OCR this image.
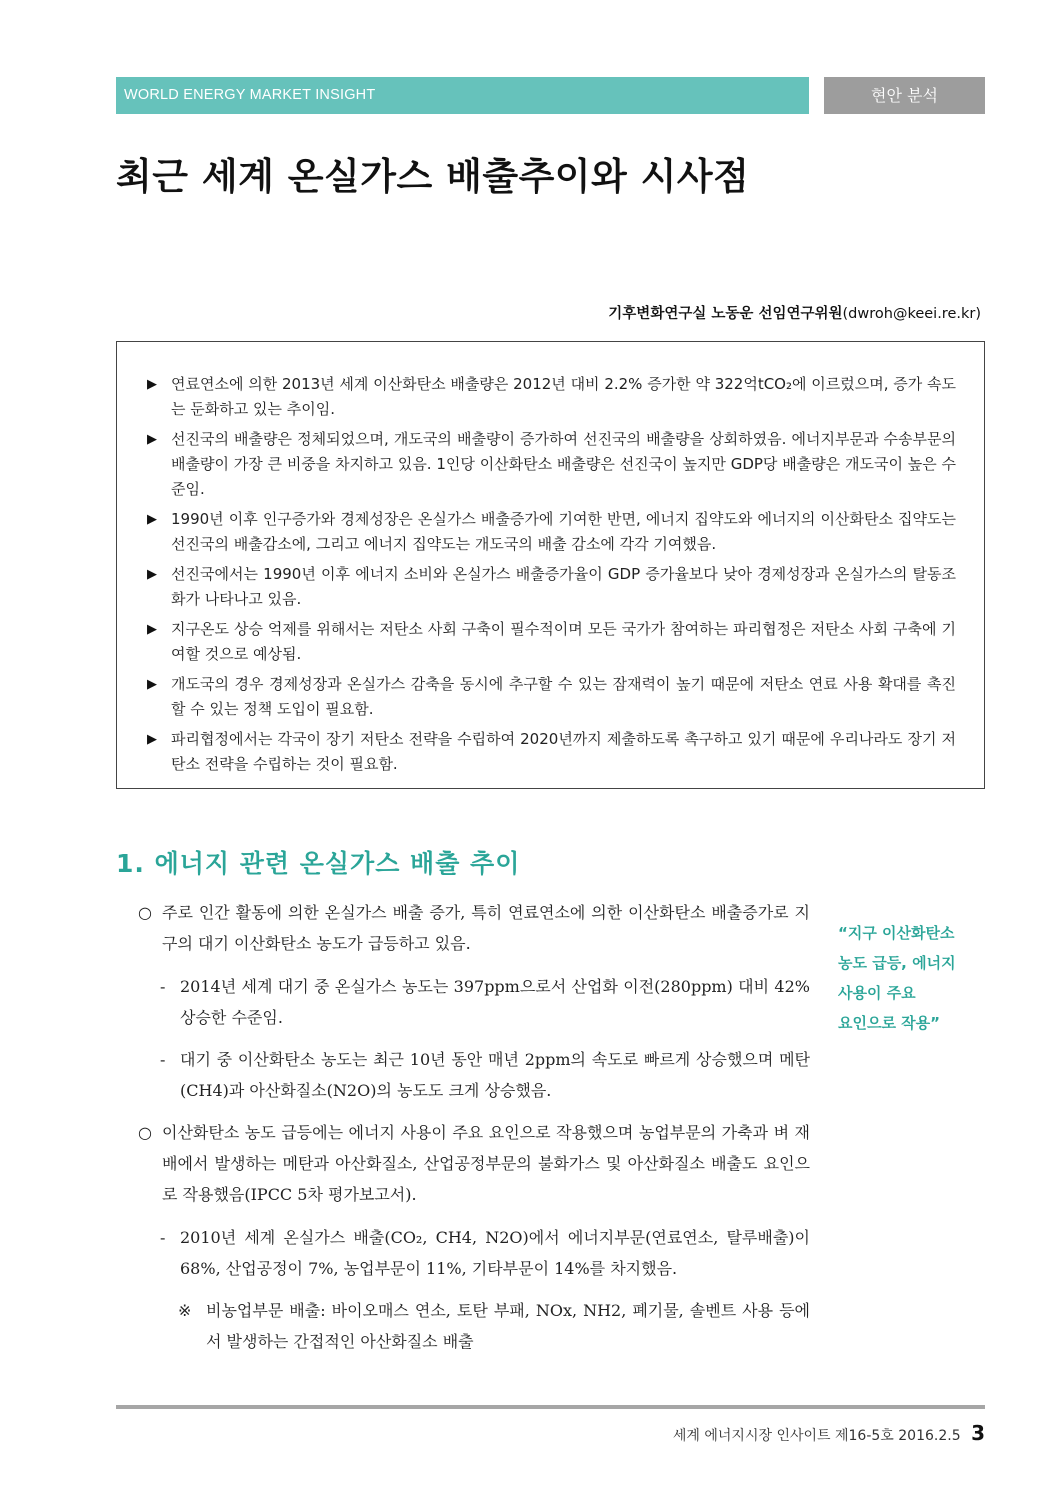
WORLD ENERGY MARKET INSIGHT	현안 분석
최근 세계 온실가스 배출추이와 시사점
기후변화연구실 노동운 선임연구위원(dwroh@keei.re.kr)
▶ 연료연소에 의한 2013년 세계 이산화탄소 배출량은 2012년 대비 2.2% 증가한 약 322억tCO₂에 이르렀으며, 증가 속도는 둔화하고 있는 추이임.
▶ 선진국의 배출량은 정체되었으며, 개도국의 배출량이 증가하여 선진국의 배출량을 상회하였음. 에너지부문과 수송부문의 배출량이 가장 큰 비중을 차지하고 있음. 1인당 이산화탄소 배출량은 선진국이 높지만 GDP당 배출량은 개도국이 높은 수준임.
▶ 1990년 이후 인구증가와 경제성장은 온실가스 배출증가에 기여한 반면, 에너지 집약도와 에너지의 이산화탄소 집약도는 선진국의 배출감소에, 그리고 에너지 집약도는 개도국의 배출 감소에 각각 기여했음.
▶ 선진국에서는 1990년 이후 에너지 소비와 온실가스 배출증가율이 GDP 증가율보다 낮아 경제성장과 온실가스의 탈동조화가 나타나고 있음.
▶ 지구온도 상승 억제를 위해서는 저탄소 사회 구축이 필수적이며 모든 국가가 참여하는 파리협정은 저탄소 사회 구축에 기여할 것으로 예상됨.
▶ 개도국의 경우 경제성장과 온실가스 감축을 동시에 추구할 수 있는 잠재력이 높기 때문에 저탄소 연료 사용 확대를 촉진할 수 있는 정책 도입이 필요함.
▶ 파리협정에서는 각국이 장기 저탄소 전략을 수립하여 2020년까지 제출하도록 촉구하고 있기 때문에 우리나라도 장기 저탄소 전략을 수립하는 것이 필요함.
1. 에너지 관련 온실가스 배출 추이
○ 주로 인간 활동에 의한 온실가스 배출 증가, 특히 연료연소에 의한 이산화탄소 배출증가로 지구의 대기 이산화탄소 농도가 급등하고 있음.
- 2014년 세계 대기 중 온실가스 농도는 397ppm으로서 산업화 이전(280ppm) 대비 42% 상승한 수준임.
- 대기 중 이산화탄소 농도는 최근 10년 동안 매년 2ppm의 속도로 빠르게 상승했으며 메탄(CH4)과 아산화질소(N2O)의 농도도 크게 상승했음.
○ 이산화탄소 농도 급등에는 에너지 사용이 주요 요인으로 작용했으며 농업부문의 가축과 벼 재배에서 발생하는 메탄과 아산화질소, 산업공정부문의 불화가스 및 아산화질소 배출도 요인으로 작용했음(IPCC 5차 평가보고서).
- 2010년 세계 온실가스 배출(CO₂, CH4, N2O)에서 에너지부문(연료연소, 탈루배출)이 68%, 산업공정이 7%, 농업부문이 11%, 기타부문이 14%를 차지했음.
※ 비농업부문 배출: 바이오매스 연소, 토탄 부패, NOx, NH2, 폐기물, 솔벤트 사용 등에서 발생하는 간접적인 아산화질소 배출
“지구 이산화탄소
농도 급등, 에너지
사용이 주요
요인으로 작용”
세계 에너지시장 인사이트 제16-5호 2016.2.5 3
